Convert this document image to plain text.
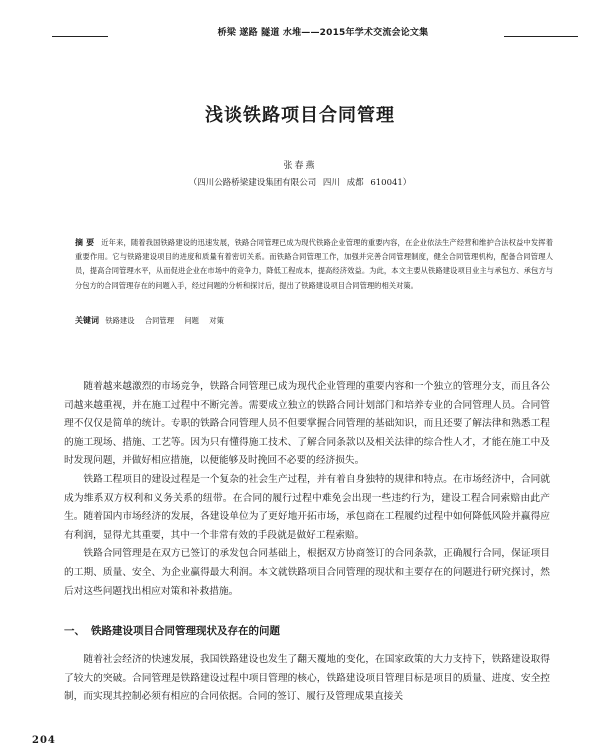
桥梁 遂路 隧道 水堆——2015年学术交流会论文集
浅谈铁路项目合同管理
张春燕
（四川公路桥梁建设集团有限公司 四川 成都 610041）
摘要 近年来，随着我国铁路建设的迅速发展，铁路合同管理已成为现代铁路企业管理的重要内容，在企业依法生产经营和维护合法权益中发挥着重要作用。它与铁路建设项目的进度和质量有着密切关系。而铁路合同管理工作，加强并完善合同管理制度，健全合同管理机构，配备合同管理人员，提高合同管理水平，从而促进企业在市场中的竞争力，降低工程成本，提高经济效益。为此，本文主要从铁路建设项目业主与承包方、承包方与分包方的合同管理存在的问题入手，经过问题的分析和探讨后，提出了铁路建设项目合同管理的相关对策。
关键词 铁路建设 合同管理 问题 对策

随着越来越激烈的市场竞争，铁路合同管理已成为现代企业管理的重要内容和一个独立的管理分支，而且各公司越来越重视，并在施工过程中不断完善。需要成立独立的铁路合同计划部门和培养专业的合同管理人员。合同管理不仅仅是简单的统计。专职的铁路合同管理人员不但要掌握合同管理的基础知识，而且还要了解法律和熟悉工程的施工现场、措施、工艺等。因为只有懂得施工技术、了解合同条款以及相关法律的综合性人才，才能在施工中及时发现问题，并做好相应措施，以便能够及时挽回不必要的经济损失。

铁路工程项目的建设过程是一个复杂的社会生产过程，并有着自身独特的规律和特点。在市场经济中，合同就成为维系双方权利和义务关系的纽带。在合同的履行过程中难免会出现一些违约行为，建设工程合同索赔由此产生。随着国内市场经济的发展，各建设单位为了更好地开拓市场，承包商在工程履约过程中如何降低风险并赢得应有利润，显得尤其重要，其中一个非常有效的手段就是做好工程索赔。

铁路合同管理是在双方已签订的承发包合同基础上，根据双方协商签订的合同条款，正确履行合同，保证项目的工期、质量、安全、为企业赢得最大利润。本文就铁路项目合同管理的现状和主要存在的问题进行研究探讨，然后对这些问题找出相应对策和补救措施。

一、 铁路建设项目合同管理现状及存在的问题

随着社会经济的快速发展，我国铁路建设也发生了翻天覆地的变化，在国家政策的大力支持下，铁路建设取得了较大的突破。合同管理是铁路建设过程中项目管理的核心，铁路建设项目管理目标是项目的质量、进度、安全控制，而实现其控制必须有相应的合同依据。合同的签订、履行及管理成果直接关

204
